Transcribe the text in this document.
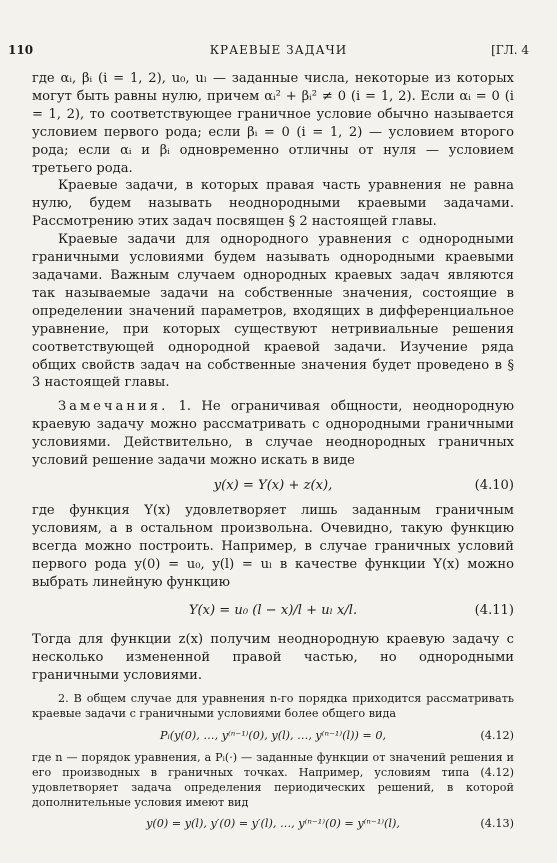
110	КРАЕВЫЕ ЗАДАЧИ	[ГЛ. 4

где αᵢ, βᵢ (i = 1, 2), u₀, uₗ — заданные числа, некоторые из которых могут быть равны нулю, причем αᵢ² + βᵢ² ≠ 0 (i = 1, 2). Если αᵢ = 0 (i = 1, 2), то соответствующее граничное условие обычно называется условием первого рода; если βᵢ = 0 (i = 1, 2) — условием второго рода; если αᵢ и βᵢ одновременно отличны от нуля — условием третьего рода.

Краевые задачи, в которых правая часть уравнения не равна нулю, будем называть неоднородными краевыми задачами. Рассмотрению этих задач посвящен § 2 настоящей главы.

Краевые задачи для однородного уравнения с однородными граничными условиями будем называть однородными краевыми задачами. Важным случаем однородных краевых задач являются так называемые задачи на собственные значения, состоящие в определении значений параметров, входящих в дифференциальное уравнение, при которых существуют нетривиальные решения соответствующей однородной краевой задачи. Изучение ряда общих свойств задач на собственные значения будет проведено в § 3 настоящей главы.

Замечания. 1. Не ограничивая общности, неоднородную краевую задачу можно рассматривать с однородными граничными условиями. Действительно, в случае неоднородных граничных условий решение задачи можно искать в виде

y(x) = Y(x) + z(x),	(4.10)

где функция Y(x) удовлетворяет лишь заданным граничным условиям, а в остальном произвольна. Очевидно, такую функцию всегда можно построить. Например, в случае граничных условий первого рода y(0) = u₀, y(l) = uₗ в качестве функции Y(x) можно выбрать линейную функцию

Y(x) = u₀ (l − x)/l + uₗ x/l.	(4.11)

Тогда для функции z(x) получим неоднородную краевую задачу с несколько измененной правой частью, но однородными граничными условиями.

2. В общем случае для уравнения n-го порядка приходится рассматривать краевые задачи с граничными условиями более общего вида

Pᵢ(y(0), …, y⁽ⁿ⁻¹⁾(0), y(l), …, y⁽ⁿ⁻¹⁾(l)) = 0,	(4.12)

где n — порядок уравнения, а Pᵢ(·) — заданные функции от значений решения и его производных в граничных точках. Например, условиям типа (4.12) удовлетворяет задача определения периодических решений, в которой дополнительные условия имеют вид

y(0) = y(l), y′(0) = y′(l), …, y⁽ⁿ⁻¹⁾(0) = y⁽ⁿ⁻¹⁾(l),	(4.13)
